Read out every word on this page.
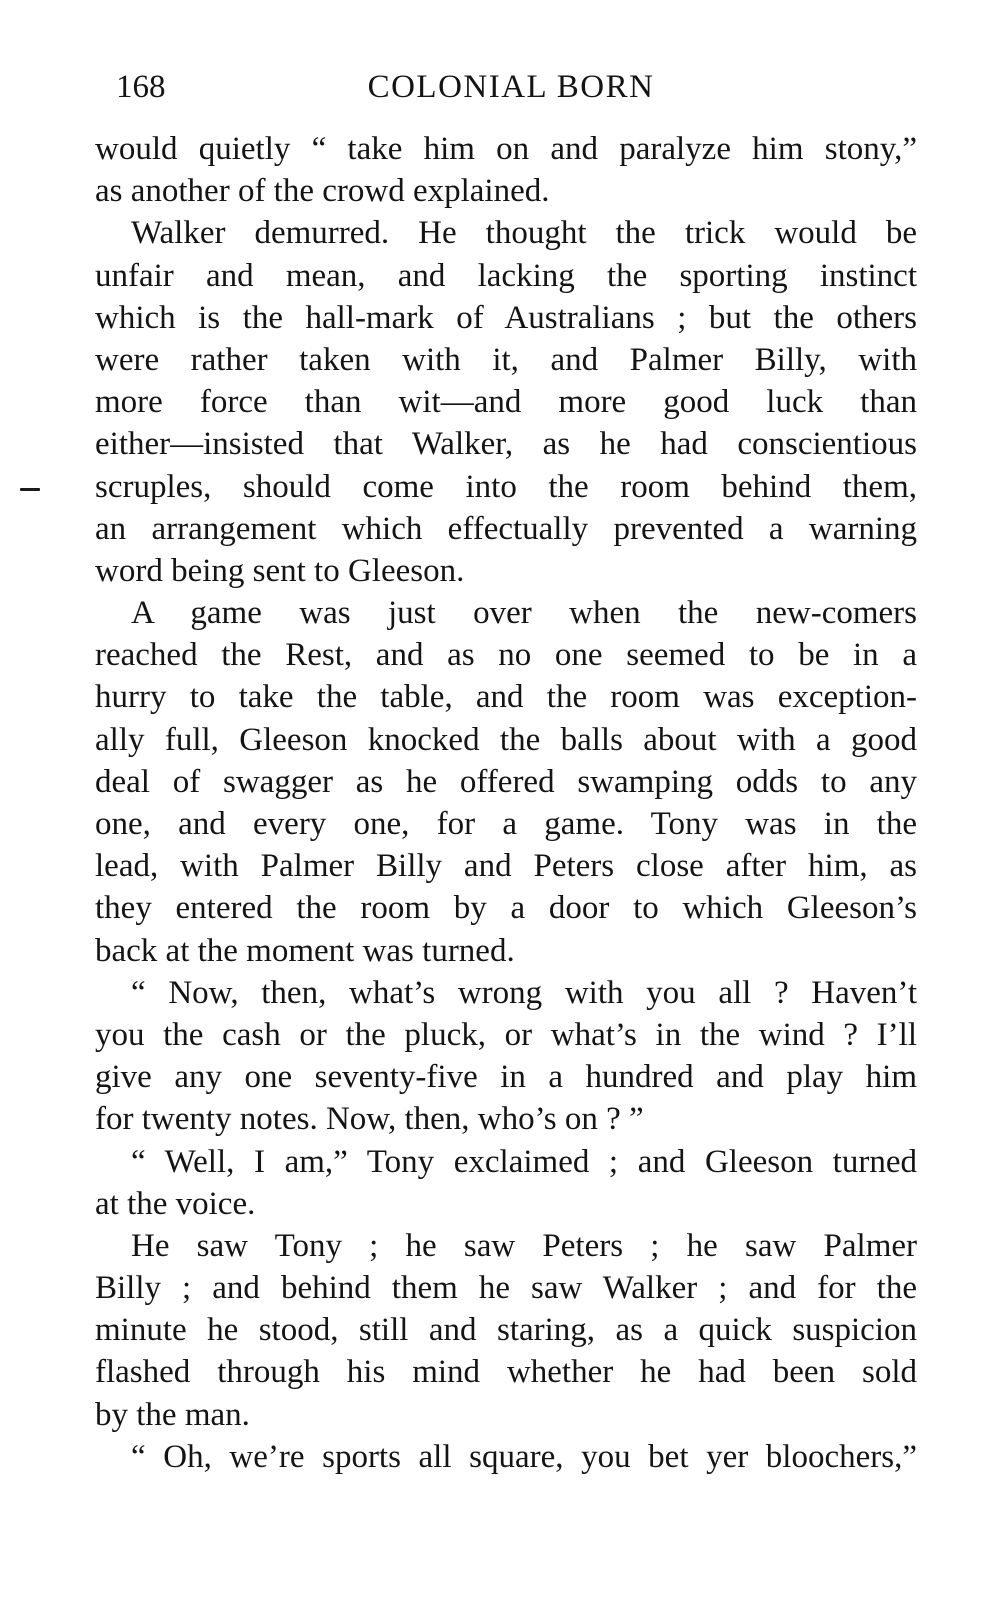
168	COLONIAL BORN
would quietly “ take him on and paralyze him stony,”
as another of the crowd explained.
Walker demurred. He thought the trick would be
unfair and mean, and lacking the sporting instinct
which is the hall-mark of Australians ; but the others
were rather taken with it, and Palmer Billy, with
more force than wit—and more good luck than
either—insisted that Walker, as he had conscientious
scruples, should come into the room behind them,
an arrangement which effectually prevented a warning
word being sent to Gleeson.
A game was just over when the new-comers
reached the Rest, and as no one seemed to be in a
hurry to take the table, and the room was exception-
ally full, Gleeson knocked the balls about with a good
deal of swagger as he offered swamping odds to any
one, and every one, for a game. Tony was in the
lead, with Palmer Billy and Peters close after him, as
they entered the room by a door to which Gleeson’s
back at the moment was turned.
“ Now, then, what’s wrong with you all ? Haven’t
you the cash or the pluck, or what’s in the wind ? I’ll
give any one seventy-five in a hundred and play him
for twenty notes. Now, then, who’s on ? ”
“ Well, I am,” Tony exclaimed ; and Gleeson turned
at the voice.
He saw Tony ; he saw Peters ; he saw Palmer
Billy ; and behind them he saw Walker ; and for the
minute he stood, still and staring, as a quick suspicion
flashed through his mind whether he had been sold
by the man.
“ Oh, we’re sports all square, you bet yer bloochers,”
